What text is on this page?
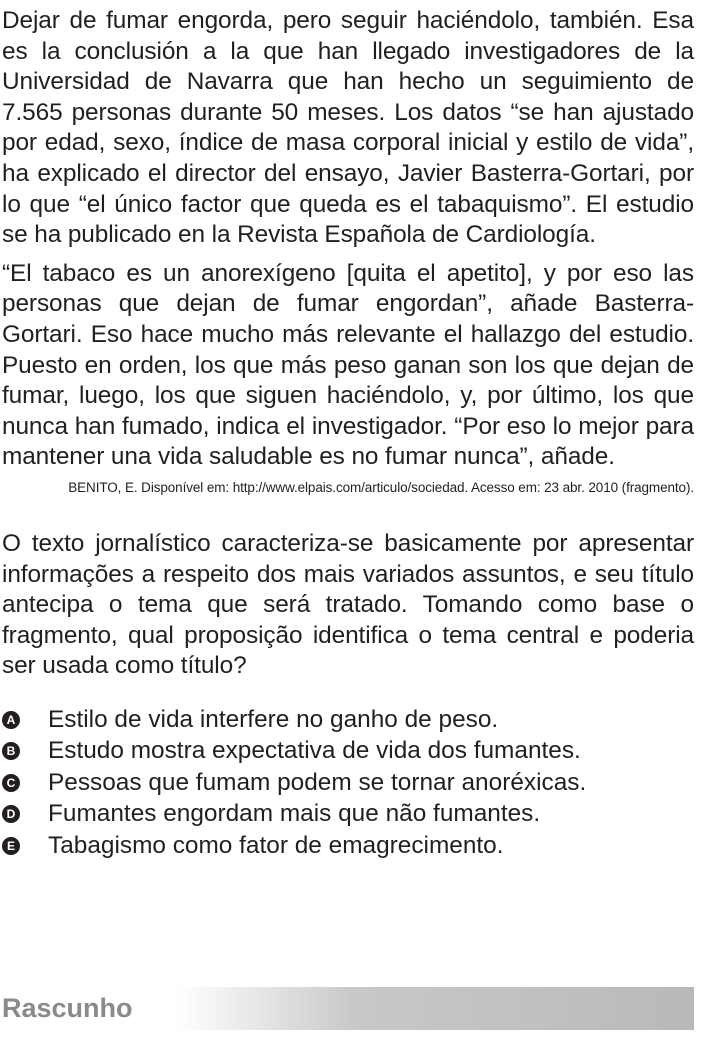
Dejar de fumar engorda, pero seguir haciéndolo, también. Esa es la conclusión a la que han llegado investigadores de la Universidad de Navarra que han hecho un seguimiento de 7.565 personas durante 50 meses. Los datos “se han ajustado por edad, sexo, índice de masa corporal inicial y estilo de vida”, ha explicado el director del ensayo, Javier Basterra-Gortari, por lo que “el único factor que queda es el tabaquismo”. El estudio se ha publicado en la Revista Española de Cardiología.

“El tabaco es un anorexígeno [quita el apetito], y por eso las personas que dejan de fumar engordan”, añade Basterra-Gortari. Eso hace mucho más relevante el hallazgo del estudio. Puesto en orden, los que más peso ganan son los que dejan de fumar, luego, los que siguen haciéndolo, y, por último, los que nunca han fumado, indica el investigador. “Por eso lo mejor para mantener una vida saludable es no fumar nunca”, añade.

BENITO, E. Disponível em: http://www.elpais.com/articulo/sociedad. Acesso em: 23 abr. 2010 (fragmento).

O texto jornalístico caracteriza-se basicamente por apresentar informações a respeito dos mais variados assuntos, e seu título antecipa o tema que será tratado. Tomando como base o fragmento, qual proposição identifica o tema central e poderia ser usada como título?

A Estilo de vida interfere no ganho de peso.
B Estudo mostra expectativa de vida dos fumantes.
C Pessoas que fumam podem se tornar anoréxicas.
D Fumantes engordam mais que não fumantes.
E Tabagismo como fator de emagrecimento.
Rascunho
